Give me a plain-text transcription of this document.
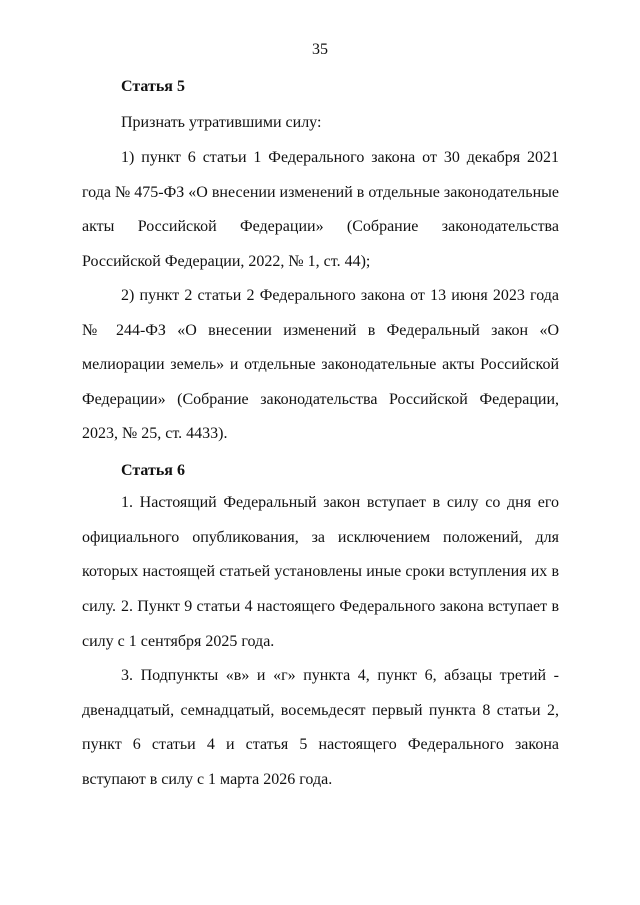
35
Статья 5
Признать утратившими силу:

1) пункт 6 статьи 1 Федерального закона от 30 декабря 2021 года № 475-ФЗ «О внесении изменений в отдельные законодательные акты Российской Федерации» (Собрание законодательства Российской Федерации, 2022, № 1, ст. 44);

2) пункт 2 статьи 2 Федерального закона от 13 июня 2023 года № 244-ФЗ «О внесении изменений в Федеральный закон «О мелиорации земель» и отдельные законодательные акты Российской Федерации» (Собрание законодательства Российской Федерации, 2023, № 25, ст. 4433).

Статья 6

1. Настоящий Федеральный закон вступает в силу со дня его официального опубликования, за исключением положений, для которых настоящей статьей установлены иные сроки вступления их в силу. 2. Пункт 9 статьи 4 настоящего Федерального закона вступает в силу с 1 сентября 2025 года.

3. Подпункты «в» и «г» пункта 4, пункт 6, абзацы третий - двенадцатый, семнадцатый, восемьдесят первый пункта 8 статьи 2, пункт 6 статьи 4 и статья 5 настоящего Федерального закона вступают в силу с 1 марта 2026 года.
